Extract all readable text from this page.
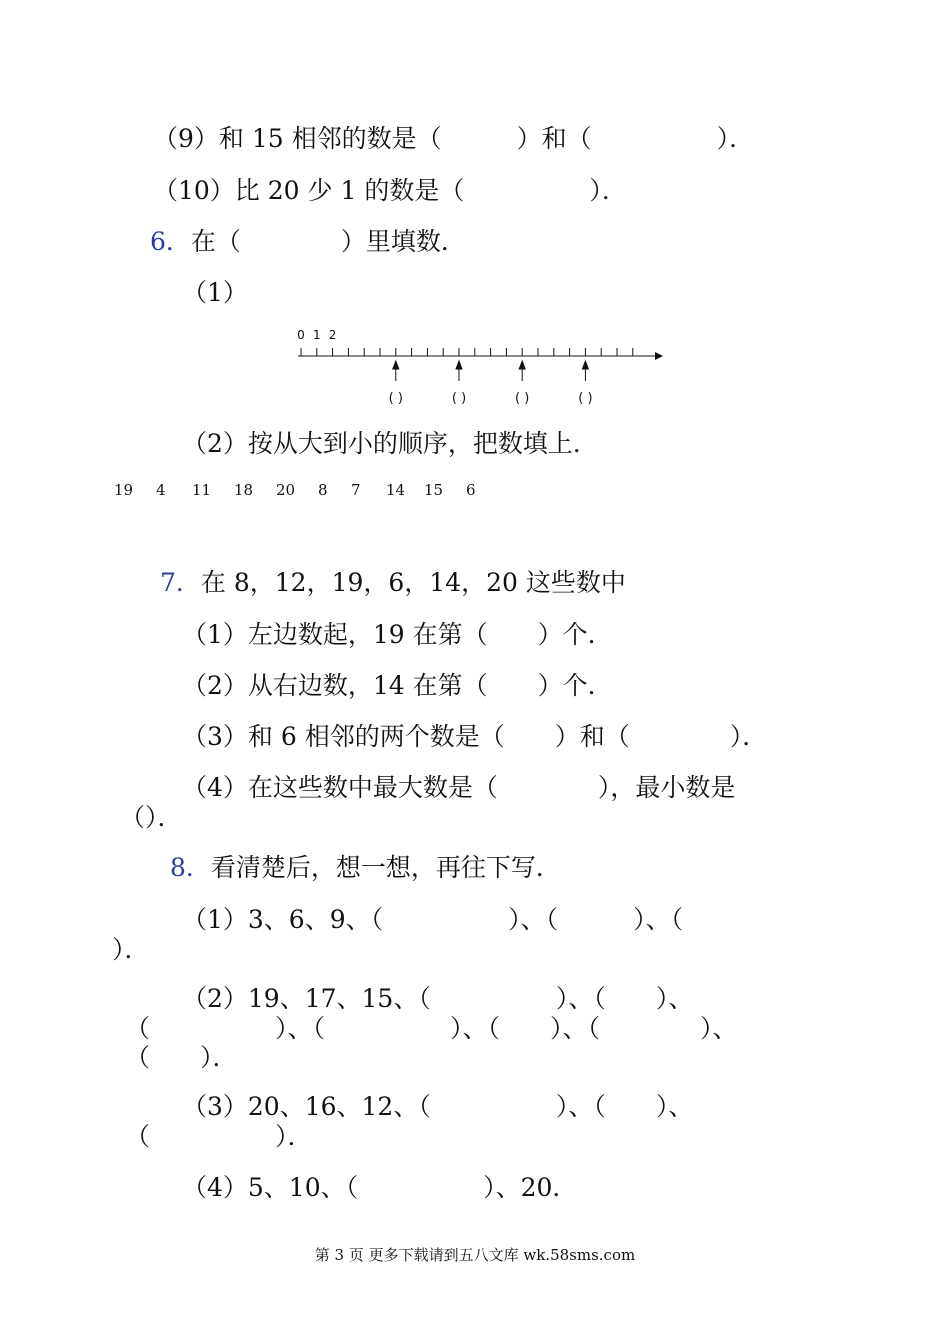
（9）和 15 相邻的数是（　　　）和（　　　　　）．
（10）比 20 少 1 的数是（　　　　　）．
6．在（　　　　）里填数．
（1）
0 1 2
( )	( )	( )	( )
（2）按从大到小的顺序，把数填上．
19 4 11 18 20 8 7 14 15 6
7．在 8，12，19，6，14，20 这些数中
（1）左边数起，19 在第（　　）个．
（2）从右边数，14 在第（　　）个．
（3）和 6 相邻的两个数是（　　）和（　　　　）．
（4）在这些数中最大数是（　　　　），最小数是
（）．
8．看清楚后，想一想，再往下写．
（1）3、6、9、（　　　　　）、（　　　）、（
）．
（2）19、17、15、（　　　　　）、（　　）、
（　　　　　）、（　　　　　）、（　　）、（　　　　）、
（　　）．
（3）20、16、12、（　　　　　）、（　　）、
（　　　　　）．
（4）5、10、（　　　　　）、20．
第 3 页 更多下载请到五八文库 wk.58sms.com
